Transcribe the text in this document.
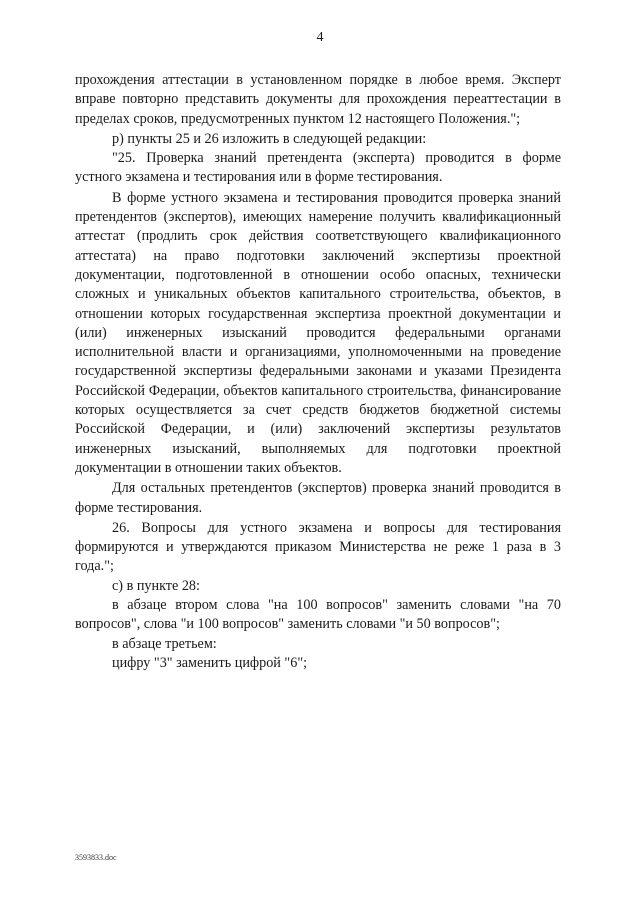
4

прохождения аттестации в установленном порядке в любое время. Эксперт вправе повторно представить документы для прохождения переаттестации в пределах сроков, предусмотренных пунктом 12 настоящего Положения.";

р) пункты 25 и 26 изложить в следующей редакции:

"25. Проверка знаний претендента (эксперта) проводится в форме устного экзамена и тестирования или в форме тестирования.

В форме устного экзамена и тестирования проводится проверка знаний претендентов (экспертов), имеющих намерение получить квалификационный аттестат (продлить срок действия соответствующего квалификационного аттестата) на право подготовки заключений экспертизы проектной документации, подготовленной в отношении особо опасных, технически сложных и уникальных объектов капитального строительства, объектов, в отношении которых государственная экспертиза проектной документации и (или) инженерных изысканий проводится федеральными органами исполнительной власти и организациями, уполномоченными на проведение государственной экспертизы федеральными законами и указами Президента Российской Федерации, объектов капитального строительства, финансирование которых осуществляется за счет средств бюджетов бюджетной системы Российской Федерации, и (или) заключений экспертизы результатов инженерных изысканий, выполняемых для подготовки проектной документации в отношении таких объектов.

Для остальных претендентов (экспертов) проверка знаний проводится в форме тестирования.

26. Вопросы для устного экзамена и вопросы для тестирования формируются и утверждаются приказом Министерства не реже 1 раза в 3 года.";

с) в пункте 28:

в абзаце втором слова "на 100 вопросов" заменить словами "на 70 вопросов", слова "и 100 вопросов" заменить словами "и 50 вопросов";

в абзаце третьем:

цифру "3" заменить цифрой "6";

3593833.doc
